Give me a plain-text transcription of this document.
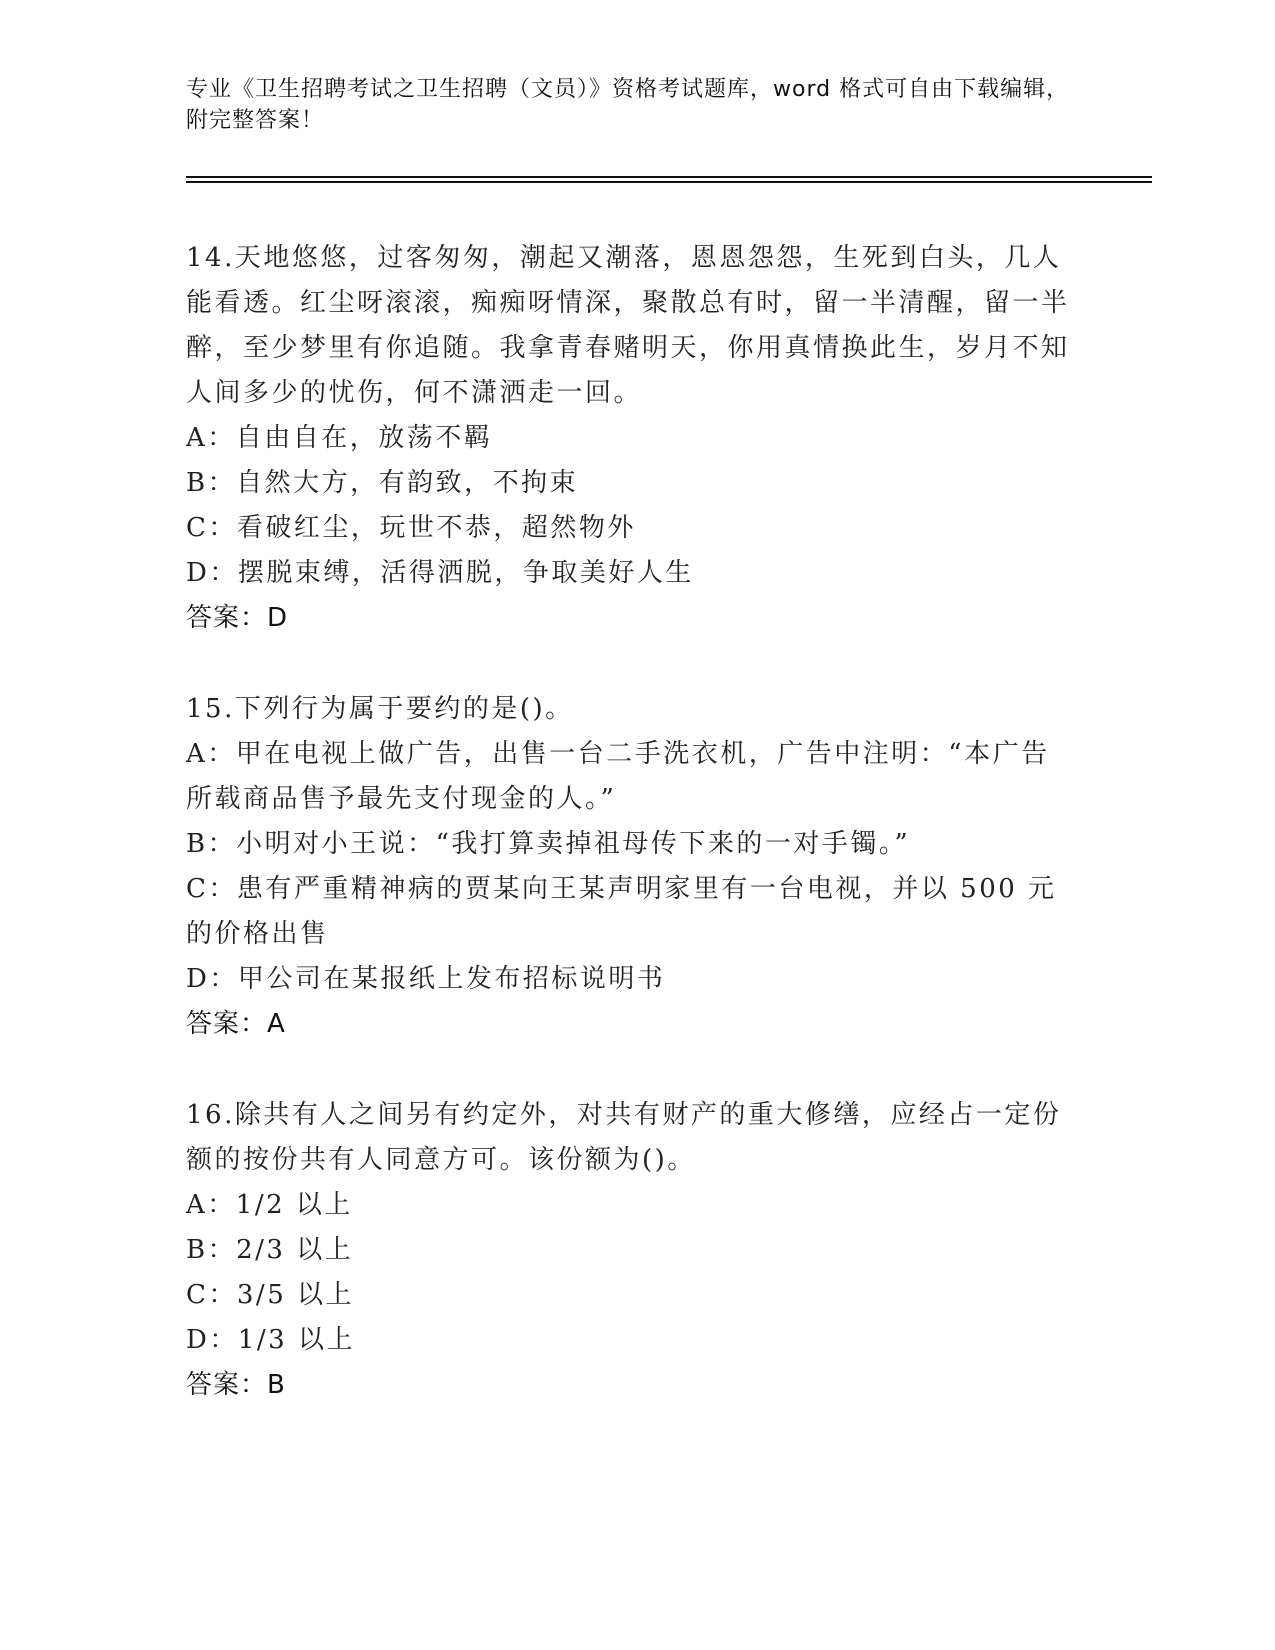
专业《卫生招聘考试之卫生招聘（文员）》资格考试题库，word 格式可自由下载编辑，附完整答案！
14.天地悠悠，过客匆匆，潮起又潮落，恩恩怨怨，生死到白头，几人能看透。红尘呀滚滚，痴痴呀情深，聚散总有时，留一半清醒，留一半醉，至少梦里有你追随。我拿青春赌明天，你用真情换此生，岁月不知人间多少的忧伤，何不潇洒走一回。
A：自由自在，放荡不羁
B：自然大方，有韵致，不拘束
C：看破红尘，玩世不恭，超然物外
D：摆脱束缚，活得洒脱，争取美好人生
答案：D
15.下列行为属于要约的是()。
A：甲在电视上做广告，出售一台二手洗衣机，广告中注明：“本广告所载商品售予最先支付现金的人。”
B：小明对小王说：“我打算卖掉祖母传下来的一对手镯。”
C：患有严重精神病的贾某向王某声明家里有一台电视，并以 500 元的价格出售
D：甲公司在某报纸上发布招标说明书
答案：A
16.除共有人之间另有约定外，对共有财产的重大修缮，应经占一定份额的按份共有人同意方可。该份额为()。
A：1/2 以上
B：2/3 以上
C：3/5 以上
D：1/3 以上
答案：B
